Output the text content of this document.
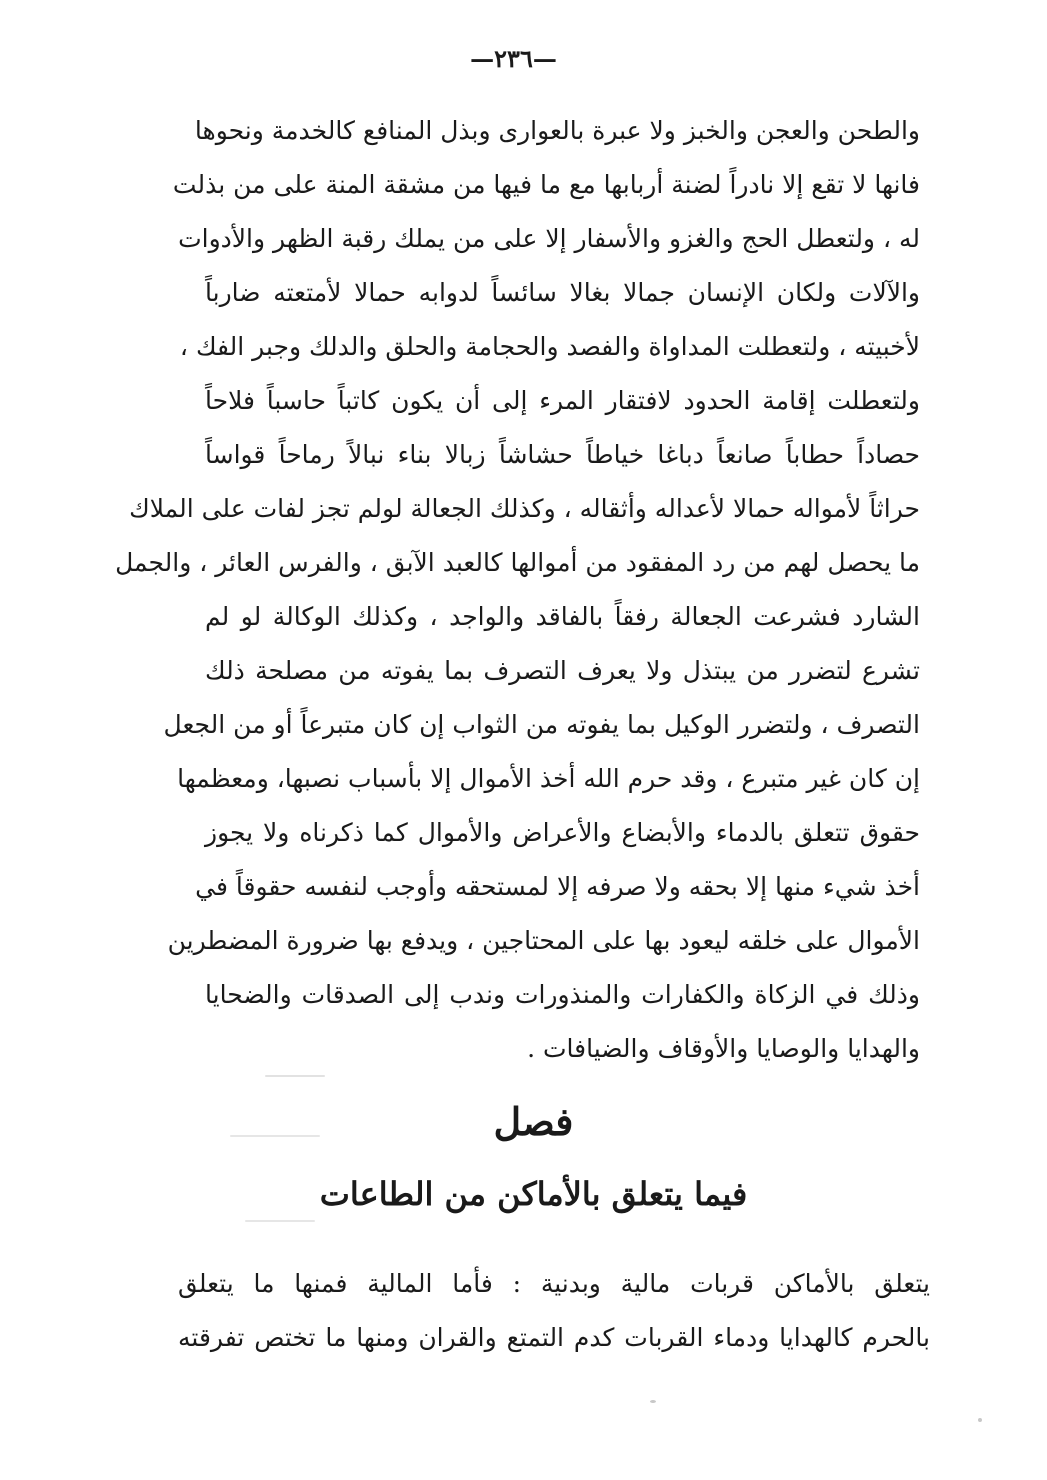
—٢٣٦—
والطحن والعجن والخبز ولا عبرة بالعوارى وبذل المنافع كالخدمة ونحوها
فانها لا تقع إلا نادراً لضنة أربابها مع ما فيها من مشقة المنة على من بذلت
له ، ولتعطل الحج والغزو والأسفار إلا على من يملك رقبة الظهر والأدوات
والآلات ولكان الإنسان جمالا بغالا سائساً لدوابه حمالا لأمتعته ضارباً
لأخبيته ، ولتعطلت المداواة والفصد والحجامة والحلق والدلك وجبر الفك ،
ولتعطلت إقامة الحدود لافتقار المرء إلى أن يكون كاتباً حاسباً فلاحاً
حصاداً حطاباً صانعاً دباغا خياطاً حشاشاً زبالا بناء نبالاً رماحاً قواساً
حراثاً لأمواله حمالا لأعداله وأثقاله ، وكذلك الجعالة لولم تجز لفات على الملاك
ما يحصل لهم من رد المفقود من أموالها كالعبد الآبق ، والفرس العائر ، والجمل
الشارد فشرعت الجعالة رفقاً بالفاقد والواجد ، وكذلك الوكالة لو لم
تشرع لتضرر من يبتذل ولا يعرف التصرف بما يفوته من مصلحة ذلك
التصرف ، ولتضرر الوكيل بما يفوته من الثواب إن كان متبرعاً أو من الجعل
إن كان غير متبرع ، وقد حرم الله أخذ الأموال إلا بأسباب نصبها، ومعظمها
حقوق تتعلق بالدماء والأبضاع والأعراض والأموال كما ذكرناه ولا يجوز
أخذ شيء منها إلا بحقه ولا صرفه إلا لمستحقه وأوجب لنفسه حقوقاً في
الأموال على خلقه ليعود بها على المحتاجين ، ويدفع بها ضرورة المضطرين
وذلك في الزكاة والكفارات والمنذورات وندب إلى الصدقات والضحايا
والهدايا والوصايا والأوقاف والضيافات .
فصل
فيما يتعلق بالأماكن من الطاعات
يتعلق بالأماكن قربات مالية وبدنية : فأما المالية فمنها ما يتعلق
بالحرم كالهدايا ودماء القربات كدم التمتع والقران ومنها ما تختص تفرقته
